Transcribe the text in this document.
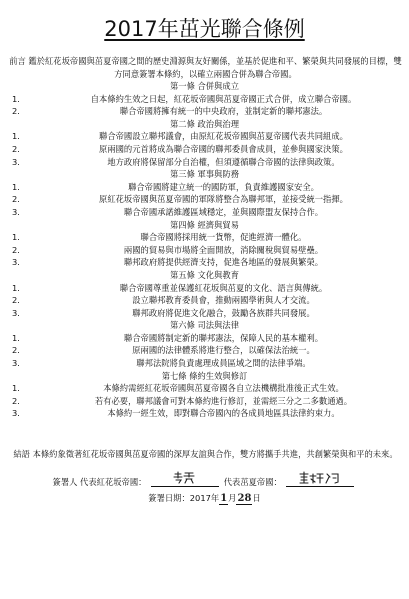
2017年茁光聯合條例
前言 鑑於紅花坂帝國與茁夏帝國之間的歷史淵源與友好關係，並基於促進和平、繁榮與共同發展的目標，雙方同意簽署本條約，以確立兩國合併為聯合帝國。
第一條 合併與成立
1.	自本條約生效之日起，紅花坂帝國與茁夏帝國正式合併，成立聯合帝國。
2.	聯合帝國將擁有統一的中央政府，並制定新的聯邦憲法。
第二條 政治與治理
1.	聯合帝國設立聯邦議會，由原紅花坂帝國與茁夏帝國代表共同組成。
2.	原兩國的元首將成為聯合帝國的聯邦委員會成員，並參與國家決策。
3.	地方政府將保留部分自治權，但須遵循聯合帝國的法律與政策。
第三條 軍事與防務
1.	聯合帝國將建立統一的國防軍，負責維護國家安全。
2.	原紅花坂帝國與茁夏帝國的軍隊將整合為聯邦軍，並接受統一指揮。
3.	聯合帝國承諾維護區域穩定，並與國際盟友保持合作。
第四條 經濟與貿易
1.	聯合帝國將採用統一貨幣，促進經濟一體化。
2.	兩國的貿易與市場將全面開放，消除關稅與貿易壁壘。
3.	聯邦政府將提供經濟支持，促進各地區的發展與繁榮。
第五條 文化與教育
1.	聯合帝國尊重並保護紅花坂與茁夏的文化、語言與傳統。
2.	設立聯邦教育委員會，推動兩國學術與人才交流。
3.	聯邦政府將促進文化融合，鼓勵各族群共同發展。
第六條 司法與法律
1.	聯合帝國將制定新的聯邦憲法，保障人民的基本權利。
2.	原兩國的法律體系將進行整合，以確保法治統一。
3.	聯邦法院將負責處理成員區域之間的法律爭端。
第七條 條約生效與修訂
1.	本條約需經紅花坂帝國與茁夏帝國各自立法機構批准後正式生效。
2.	若有必要，聯邦議會可對本條約進行修訂，並需經三分之二多數通過。
3.	本條約一經生效，即對聯合帝國內的各成員地區具法律約束力。
結語 本條約象徵著紅花坂帝國與茁夏帝國的深厚友誼與合作，雙方將攜手共進，共創繁榮與和平的未來。
簽署人 代表紅花坂帝國：	代表茁夏帝國：
簽署日期：2017年1月28日
